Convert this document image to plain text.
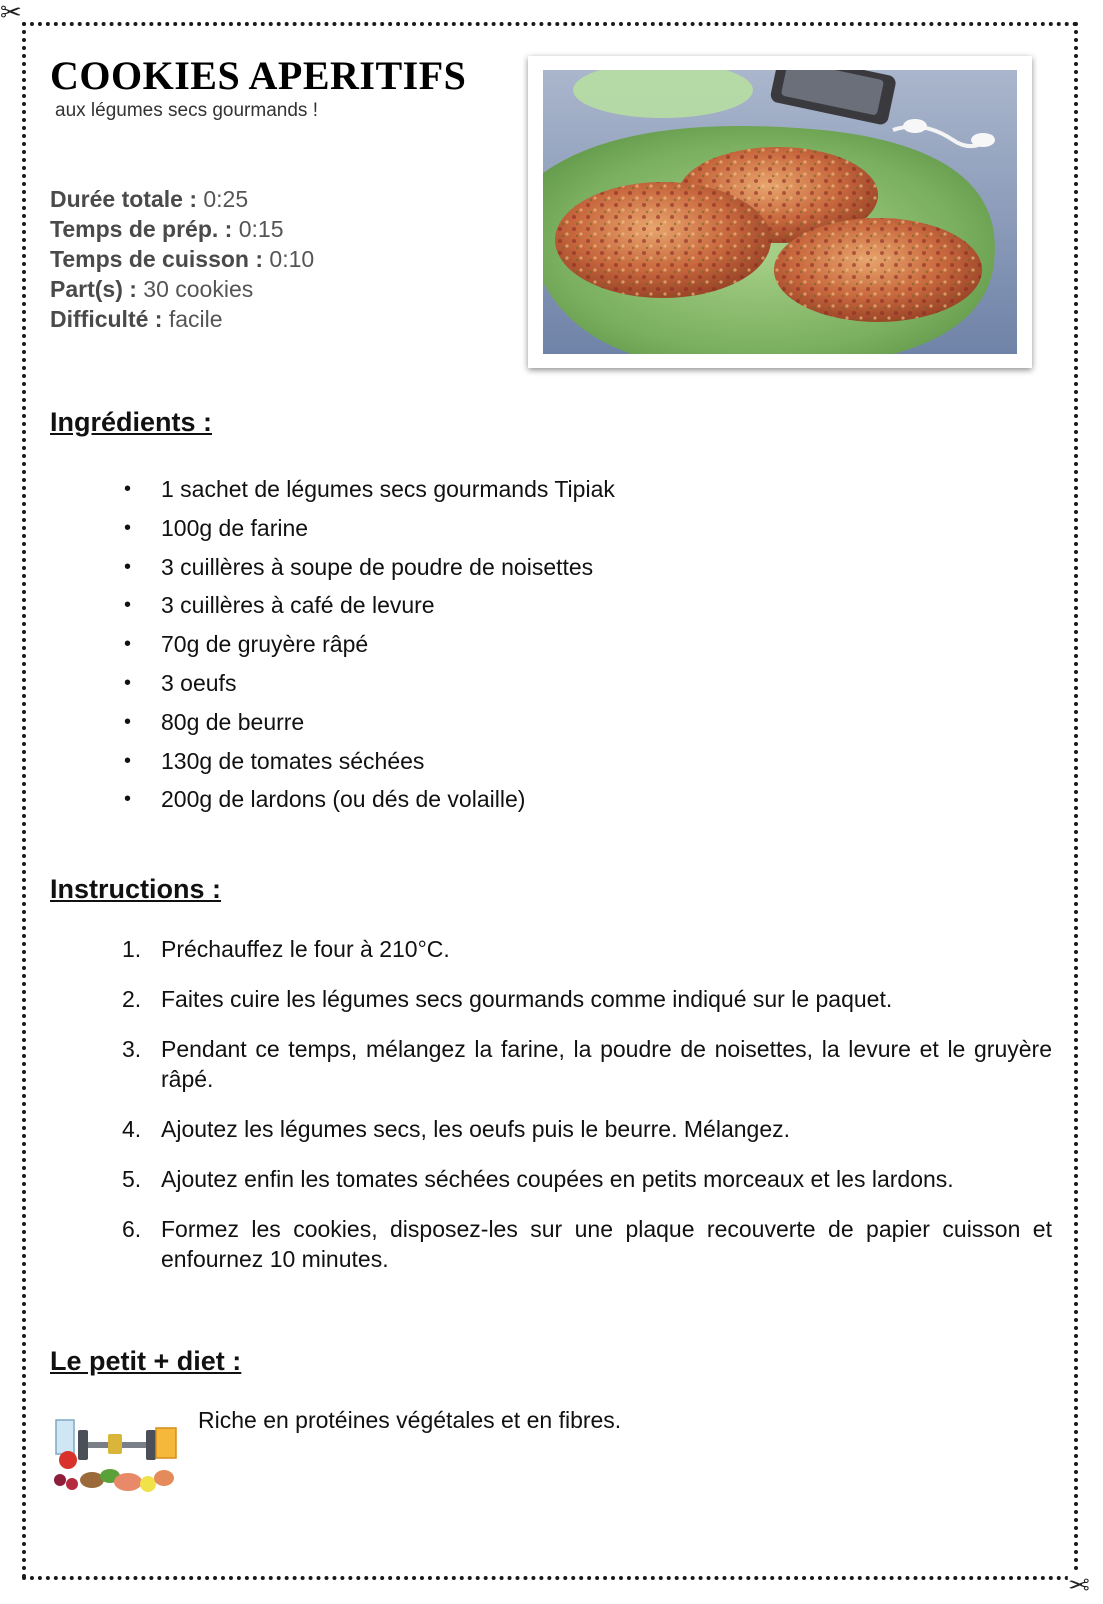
✂
✂
COOKIES APERITIFS
aux légumes secs gourmands !
Durée totale : 0:25
Temps de prép. : 0:15
Temps de cuisson : 0:10
Part(s) : 30 cookies
Difficulté : facile
Ingrédients :
• 1 sachet de légumes secs gourmands Tipiak
• 100g de farine
• 3 cuillères à soupe de poudre de noisettes
• 3 cuillères à café de levure
• 70g de gruyère râpé
• 3 oeufs
• 80g de beurre
• 130g de tomates séchées
• 200g de lardons (ou dés de volaille)
Instructions :
1. Préchauffez le four à 210°C.
2. Faites cuire les légumes secs gourmands comme indiqué sur le paquet.
3. Pendant ce temps, mélangez la farine, la poudre de noisettes, la levure et le gruyère râpé.
4. Ajoutez les légumes secs, les oeufs puis le beurre. Mélangez.
5. Ajoutez enfin les tomates séchées coupées en petits morceaux et les lardons.
6. Formez les cookies, disposez-les sur une plaque recouverte de papier cuisson et enfournez 10 minutes.
Le petit + diet :
Riche en protéines végétales et en fibres.
